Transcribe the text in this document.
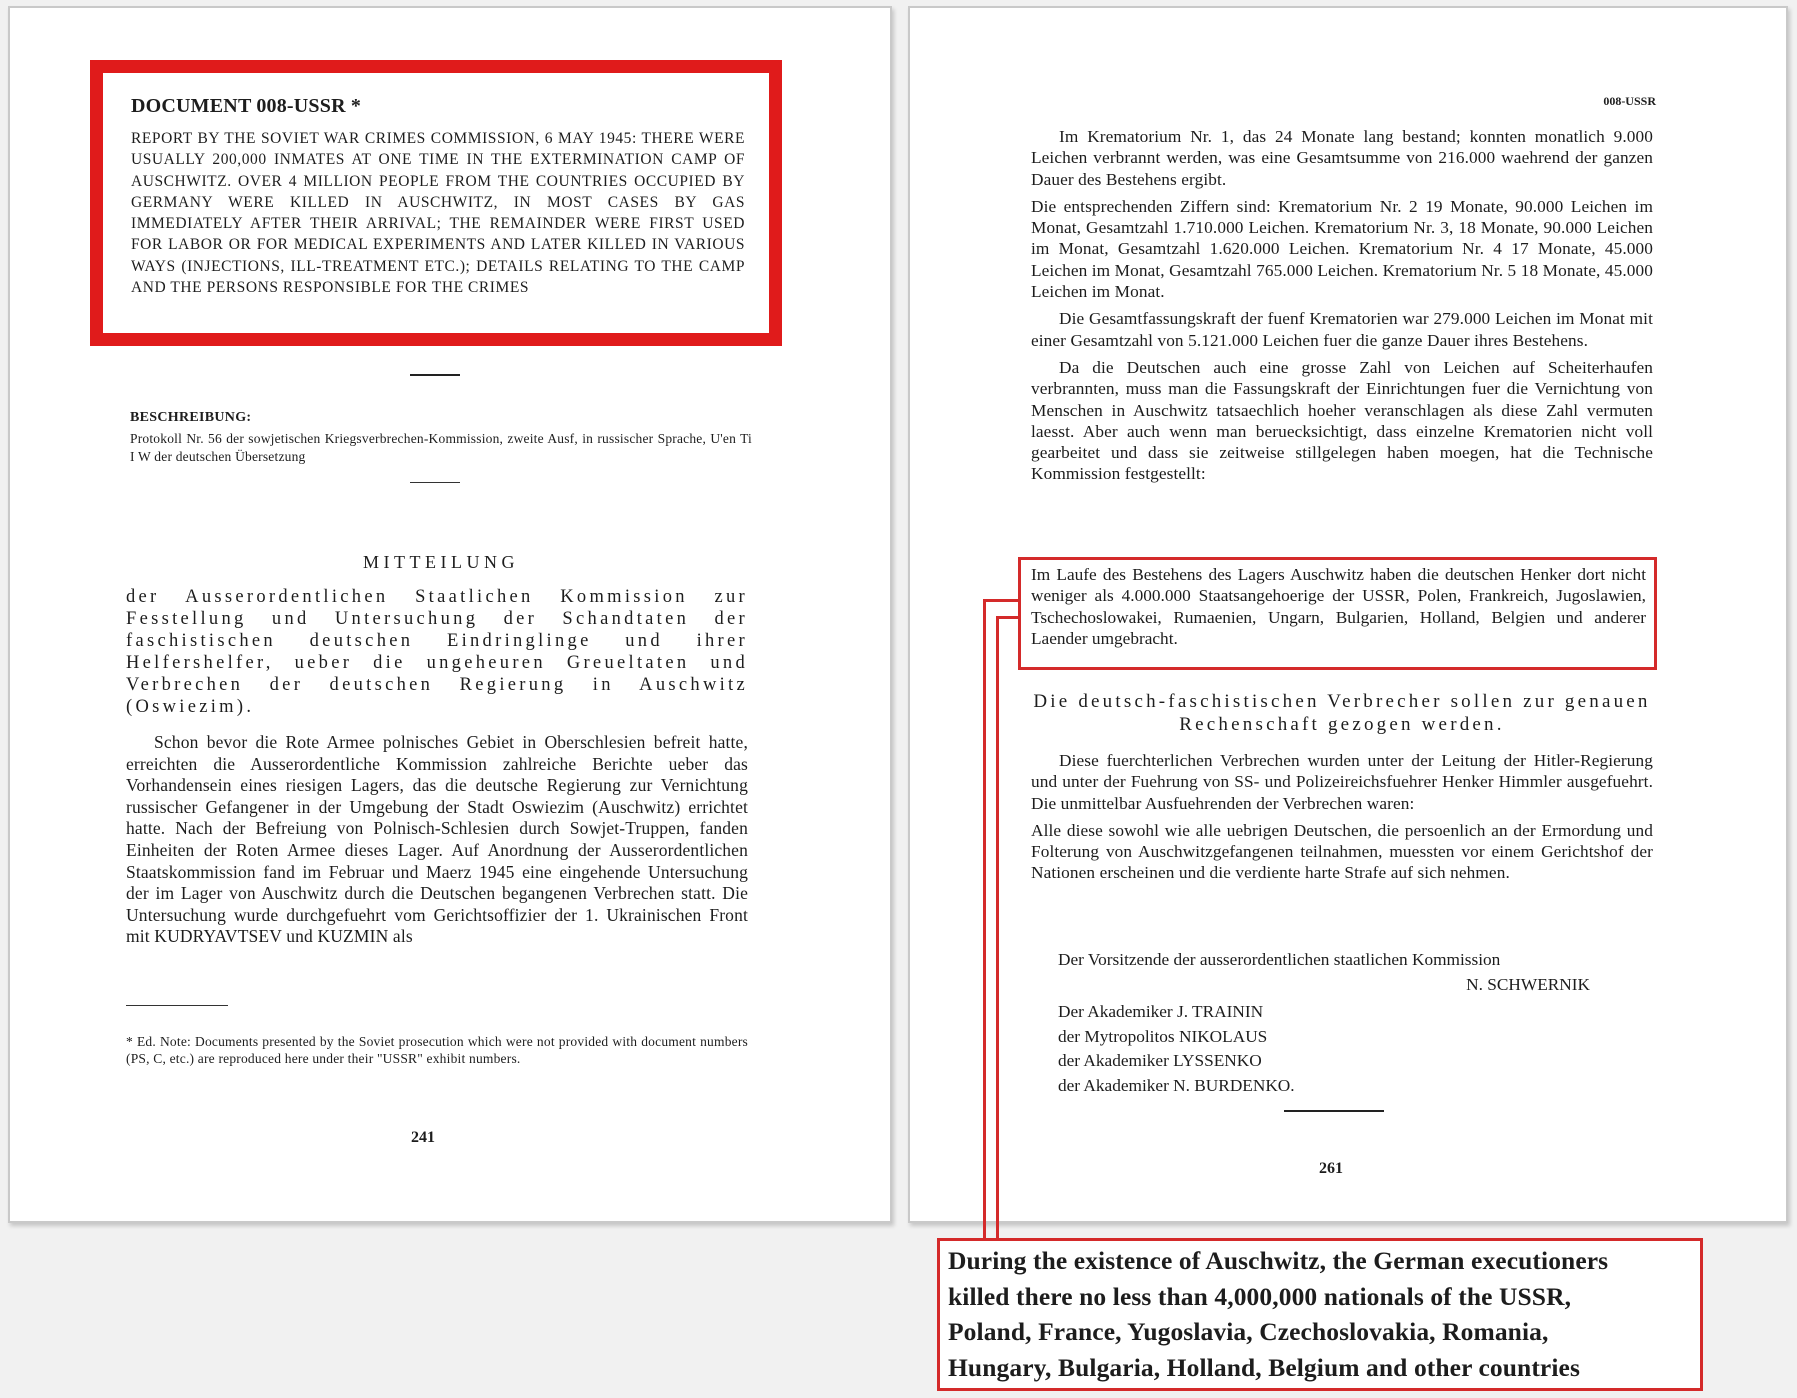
DOCUMENT 008-USSR *

REPORT BY THE SOVIET WAR CRIMES COMMISSION, 6 MAY 1945: THERE WERE USUALLY 200,000 INMATES AT ONE TIME IN THE EXTERMINATION CAMP OF AUSCHWITZ. OVER 4 MILLION PEOPLE FROM THE COUNTRIES OCCUPIED BY GERMANY WERE KILLED IN AUSCHWITZ, IN MOST CASES BY GAS IMMEDIATELY AFTER THEIR ARRIVAL; THE REMAINDER WERE FIRST USED FOR LABOR OR FOR MEDICAL EXPERIMENTS AND LATER KILLED IN VARIOUS WAYS (INJECTIONS, ILL-TREATMENT ETC.); DETAILS RELATING TO THE CAMP AND THE PERSONS RESPONSIBLE FOR THE CRIMES

BESCHREIBUNG:

Protokoll Nr. 56 der sowjetischen Kriegsverbrechen-Kommission, zweite Ausf, in russischer Sprache, U'en Ti I W der deutschen Übersetzung

MITTEILUNG

der Ausserordentlichen Staatlichen Kommission zur Fesstellung und Untersuchung der Schandtaten der faschistischen deutschen Eindringlinge und ihrer Helfershelfer, ueber die ungeheuren Greueltaten und Verbrechen der deutschen Regierung in Auschwitz (Oswiezim).

Schon bevor die Rote Armee polnisches Gebiet in Oberschlesien befreit hatte, erreichten die Ausserordentliche Kommission zahlreiche Berichte ueber das Vorhandensein eines riesigen Lagers, das die deutsche Regierung zur Vernichtung russischer Gefangener in der Umgebung der Stadt Oswiezim (Auschwitz) errichtet hatte. Nach der Befreiung von Polnisch-Schlesien durch Sowjet-Truppen, fanden Einheiten der Roten Armee dieses Lager. Auf Anordnung der Ausserordentlichen Staatskommission fand im Februar und Maerz 1945 eine eingehende Untersuchung der im Lager von Auschwitz durch die Deutschen begangenen Verbrechen statt. Die Untersuchung wurde durchgefuehrt vom Gerichtsoffizier der 1. Ukrainischen Front mit KUDRYAVTSEV und KUZMIN als

* Ed. Note: Documents presented by the Soviet prosecution which were not provided with document numbers (PS, C, etc.) are reproduced here under their "USSR" exhibit numbers.

241
008-USSR

Im Krematorium Nr. 1, das 24 Monate lang bestand; konnten monatlich 9.000 Leichen verbrannt werden, was eine Gesamtsumme von 216.000 waehrend der ganzen Dauer des Bestehens ergibt.

Die entsprechenden Ziffern sind: Krematorium Nr. 2 19 Monate, 90.000 Leichen im Monat, Gesamtzahl 1.710.000 Leichen. Krematorium Nr. 3, 18 Monate, 90.000 Leichen im Monat, Gesamtzahl 1.620.000 Leichen. Krematorium Nr. 4 17 Monate, 45.000 Leichen im Monat, Gesamtzahl 765.000 Leichen. Krematorium Nr. 5 18 Monate, 45.000 Leichen im Monat.

Die Gesamtfassungskraft der fuenf Krematorien war 279.000 Leichen im Monat mit einer Gesamtzahl von 5.121.000 Leichen fuer die ganze Dauer ihres Bestehens.

Da die Deutschen auch eine grosse Zahl von Leichen auf Scheiterhaufen verbrannten, muss man die Fassungskraft der Einrichtungen fuer die Vernichtung von Menschen in Auschwitz tatsaechlich hoeher veranschlagen als diese Zahl vermuten laesst. Aber auch wenn man beruecksichtigt, dass einzelne Krematorien nicht voll gearbeitet und dass sie zeitweise stillgelegen haben moegen, hat die Technische Kommission festgestellt:

Im Laufe des Bestehens des Lagers Auschwitz haben die deutschen Henker dort nicht weniger als 4.000.000 Staatsangehoerige der USSR, Polen, Frankreich, Jugoslawien, Tschechoslowakei, Rumaenien, Ungarn, Bulgarien, Holland, Belgien und anderer Laender umgebracht.

Die deutsch-faschistischen Verbrecher sollen zur genauen Rechenschaft gezogen werden.

Diese fuerchterlichen Verbrechen wurden unter der Leitung der Hitler-Regierung und unter der Fuehrung von SS- und Polizeireichsfuehrer Henker Himmler ausgefuehrt. Die unmittelbar Ausfuehrenden der Verbrechen waren:

Alle diese sowohl wie alle uebrigen Deutschen, die persoenlich an der Ermordung und Folterung von Auschwitzgefangenen teilnahmen, muessten vor einem Gerichtshof der Nationen erscheinen und die verdiente harte Strafe auf sich nehmen.

Der Vorsitzende der ausserordentlichen staatlichen Kommission

N. SCHWERNIK

Der Akademiker J. TRAININ

der Mytropolitos NIKOLAUS

der Akademiker LYSSENKO

der Akademiker N. BURDENKO.

261

During the existence of Auschwitz, the German executioners

killed there no less than 4,000,000 nationals of the USSR,

Poland, France, Yugoslavia, Czechoslovakia, Romania,

Hungary, Bulgaria, Holland, Belgium and other countries
